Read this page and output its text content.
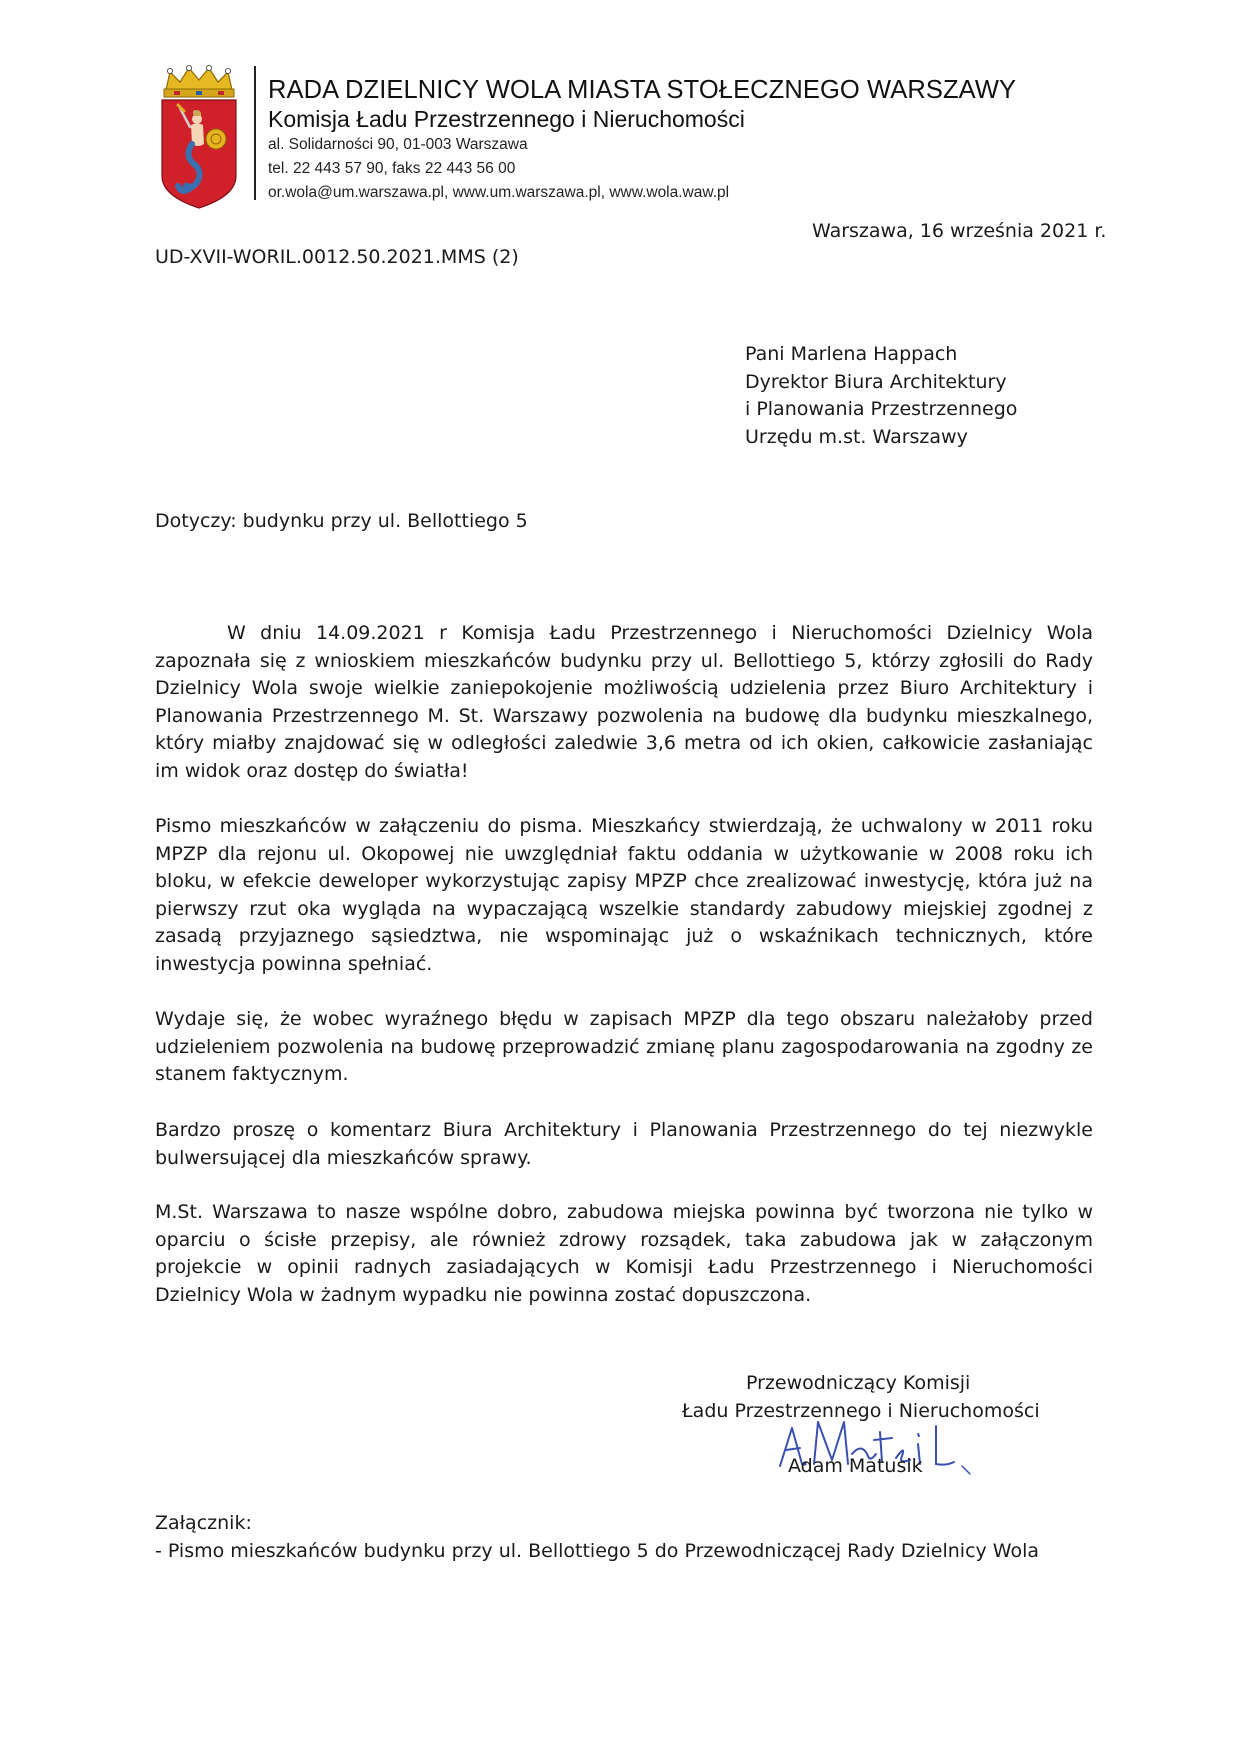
RADA DZIELNICY WOLA MIASTA STOŁECZNEGO WARSZAWY
Komisja Ładu Przestrzennego i Nieruchomości
al. Solidarności 90, 01-003 Warszawa
tel. 22 443 57 90, faks 22 443 56 00
or.wola@um.warszawa.pl, www.um.warszawa.pl, www.wola.waw.pl
Warszawa, 16 września 2021 r.
UD-XVII-WORIL.0012.50.2021.MMS (2)
Pani Marlena Happach
Dyrektor Biura Architektury
i Planowania Przestrzennego
Urzędu m.st. Warszawy
Dotyczy: budynku przy ul. Bellottiego 5

W dniu 14.09.2021 r Komisja Ładu Przestrzennego i Nieruchomości Dzielnicy Wola zapoznała się z wnioskiem mieszkańców budynku przy ul. Bellottiego 5, którzy zgłosili do Rady Dzielnicy Wola swoje wielkie zaniepokojenie możliwością udzielenia przez Biuro Architektury i Planowania Przestrzennego M. St. Warszawy pozwolenia na budowę dla budynku mieszkalnego, który miałby znajdować się w odległości zaledwie 3,6 metra od ich okien, całkowicie zasłaniając im widok oraz dostęp do światła!

Pismo mieszkańców w załączeniu do pisma. Mieszkańcy stwierdzają, że uchwalony w 2011 roku MPZP dla rejonu ul. Okopowej nie uwzględniał faktu oddania w użytkowanie w 2008 roku ich bloku, w efekcie deweloper wykorzystując zapisy MPZP chce zrealizować inwestycję, która już na pierwszy rzut oka wygląda na wypaczającą wszelkie standardy zabudowy miejskiej zgodnej z zasadą przyjaznego sąsiedztwa, nie wspominając już o wskaźnikach technicznych, które inwestycja powinna spełniać.

Wydaje się, że wobec wyraźnego błędu w zapisach MPZP dla tego obszaru należałoby przed udzieleniem pozwolenia na budowę przeprowadzić zmianę planu zagospodarowania na zgodny ze stanem faktycznym.

Bardzo proszę o komentarz Biura Architektury i Planowania Przestrzennego do tej niezwykle bulwersującej dla mieszkańców sprawy.

M.St. Warszawa to nasze wspólne dobro, zabudowa miejska powinna być tworzona nie tylko w oparciu o ścisłe przepisy, ale również zdrowy rozsądek, taka zabudowa jak w załączonym projekcie w opinii radnych zasiadających w Komisji Ładu Przestrzennego i Nieruchomości Dzielnicy Wola w żadnym wypadku nie powinna zostać dopuszczona.

Przewodniczący Komisji
Ładu Przestrzennego i Nieruchomości
Adam Matusik
Załącznik:
- Pismo mieszkańców budynku przy ul. Bellottiego 5 do Przewodniczącej Rady Dzielnicy Wola
